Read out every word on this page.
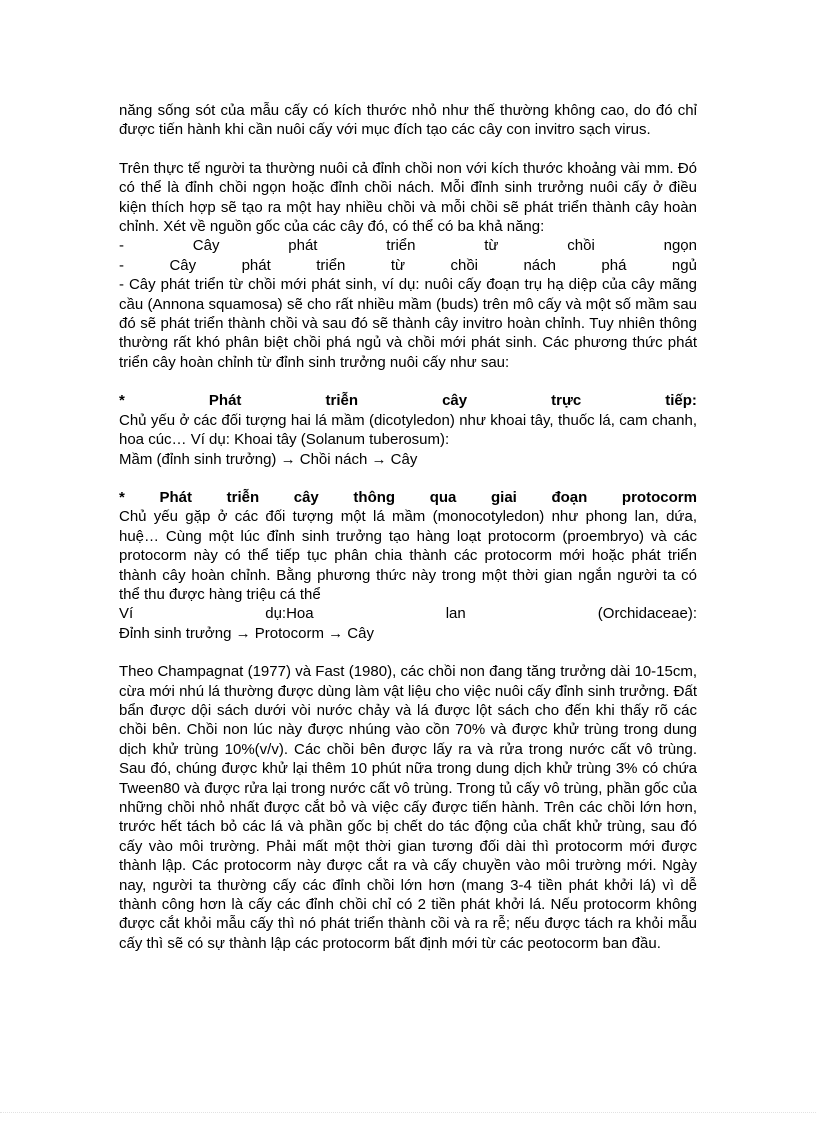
năng sống sót của mẫu cấy có kích thước nhỏ như thế thường không cao, do đó chỉ được tiến hành khi cần nuôi cấy với mục đích tạo các cây con invitro sạch virus.

Trên thực tế người ta thường nuôi cả đỉnh chồi non với kích thước khoảng vài mm. Đó có thể là đỉnh chồi ngọn hoặc đỉnh chồi nách. Mỗi đỉnh sinh trưởng nuôi cấy ở điều kiện thích hợp sẽ tạo ra một hay nhiều chồi và mỗi chồi sẽ phát triển thành cây hoàn chỉnh. Xét về nguồn gốc của các cây đó, có thể có ba khả năng:

-	Cây	phát	triển	từ	chồi	ngọn
-	Cây	phát	triển	từ	chồi	nách	phá	ngủ

- Cây phát triển từ chồi mới phát sinh, ví dụ: nuôi cấy đoạn trụ hạ diệp của cây mãng cầu (Annona squamosa) sẽ cho rất nhiều mầm (buds) trên mô cấy và một số mầm sau đó sẽ phát triển thành chồi và sau đó sẽ thành cây invitro hoàn chỉnh. Tuy nhiên thông thường rất khó phân biệt chồi phá ngủ và chồi mới phát sinh. Các phương thức phát triển cây hoàn chỉnh từ đỉnh sinh trưởng nuôi cấy như sau:

*	Phát	triễn	cây	trực	tiếp:

Chủ yếu ở các đối tượng hai lá mầm (dicotyledon) như khoai tây, thuốc lá, cam chanh, hoa cúc… Ví dụ: Khoai tây (Solanum tuberosum):

Mầm (đỉnh sinh trưởng) → Chồi nách → Cây
* Phát triễn cây thông qua giai đoạn protocorm

Chủ yếu gặp ở các đối tượng một lá mầm (monocotyledon) như phong lan, dứa, huệ… Cùng một lúc đỉnh sinh trưởng tạo hàng loạt protocorm (proembryo) và các protocorm này có thể tiếp tục phân chia thành các protocorm mới hoặc phát triển thành cây hoàn chỉnh. Bằng phương thức này trong một thời gian ngắn người ta có thể thu được hàng triệu cá thể

Ví	dụ:Hoa	lan	(Orchidaceae):
Đỉnh sinh trưởng → Protocorm → Cây

Theo Champagnat (1977) và Fast (1980), các chồi non đang tăng trưởng dài 10-15cm, cừa mới nhú lá thường được dùng làm vật liệu cho việc nuôi cấy đỉnh sinh trưởng. Đất bẩn được dội sách dưới vòi nước chảy và lá được lột sách cho đến khi thấy rõ các chồi bên. Chồi non lúc này được nhúng vào cồn 70% và được khử trùng trong dung dịch khử trùng 10%(v/v). Các chồi bên được lấy ra và rửa trong nước cất vô trùng. Sau đó, chúng được khử lại thêm 10 phút nữa trong dung dịch khử trùng 3% có chứa Tween80 và được rửa lại trong nước cất vô trùng. Trong tủ cấy vô trùng, phần gốc của những chồi nhỏ nhất được cắt bỏ và việc cấy được tiến hành. Trên các chồi lớn hơn, trước hết tách bỏ các lá và phần gốc bị chết do tác động của chất khử trùng, sau đó cấy vào môi trường. Phải mất một thời gian tương đối dài thì protocorm mới được thành lập. Các protocorm này được cắt ra và cấy chuyền vào môi trường mới. Ngày nay, người ta thường cấy các đỉnh chồi lớn hơn (mang 3-4 tiền phát khởi lá) vì dễ thành công hơn là cấy các đỉnh chồi chỉ có 2 tiền phát khởi lá. Nếu protocorm không được cắt khỏi mẫu cấy thì nó phát triển thành cồi và ra rễ; nếu được tách ra khỏi mẫu cấy thì sẽ có sự thành lập các protocorm bất định mới từ các peotocorm ban đầu.
